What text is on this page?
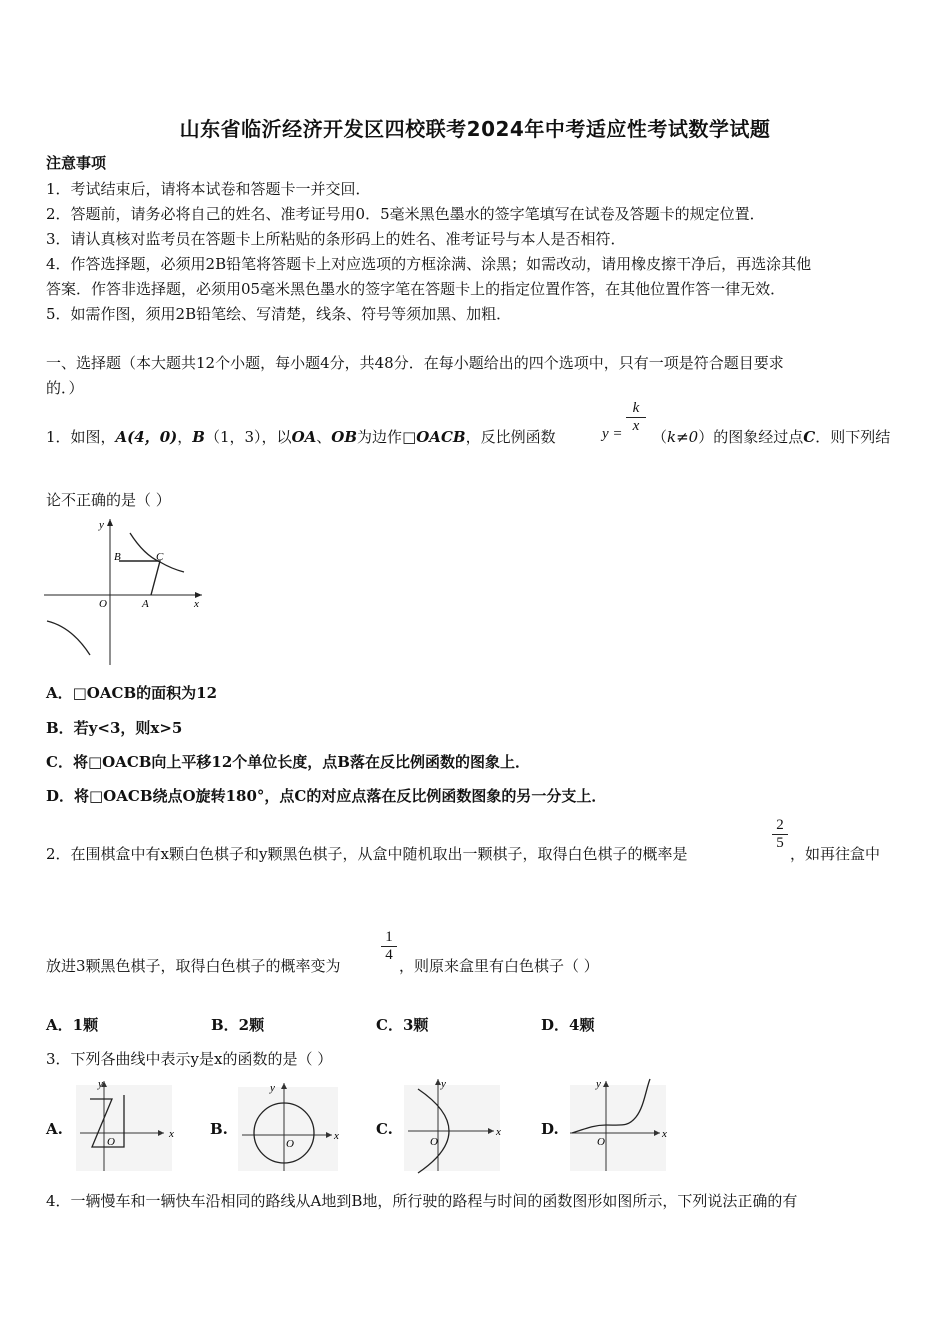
山东省临沂经济开发区四校联考2024年中考适应性考试数学试题
注意事项
1．考试结束后，请将本试卷和答题卡一并交回．
2．答题前，请务必将自己的姓名、准考证号用0．5毫米黑色墨水的签字笔填写在试卷及答题卡的规定位置．
3．请认真核对监考员在答题卡上所粘贴的条形码上的姓名、准考证号与本人是否相符．
4．作答选择题，必须用2B铅笔将答题卡上对应选项的方框涂满、涂黑；如需改动，请用橡皮擦干净后，再选涂其他
答案．作答非选择题，必须用05毫米黑色墨水的签字笔在答题卡上的指定位置作答，在其他位置作答一律无效．
5．如需作图，须用2B铅笔绘、写清楚，线条、符号等须加黑、加粗．
一、选择题（本大题共12个小题，每小题4分，共48分．在每小题给出的四个选项中，只有一项是符合题目要求
的．）
1．如图，A(4，0)，B（1，3），以OA、OB为边作□OACB，反比例函数	$y = \frac{k}{x}$
（k≠0）的图象经过点C．则下列结
论不正确的是（ ）
y
x
O	A
B	C
A．□OACB的面积为12
B．若y<3，则x>5
C．将□OACB向上平移12个单位长度，点B落在反比例函数的图象上．
D．将□OACB绕点O旋转180°，点C的对应点落在反比例函数图象的另一分支上．
2．在围棋盒中有x颗白色棋子和y颗黑色棋子，从盒中随机取出一颗棋子，取得白色棋子的概率是
$\frac{2}{5}$
，如再往盒中
放进3颗黑色棋子，取得白色棋子的概率变为
$\frac{1}{4}$
，则原来盒里有白色棋子（ ）
A．1颗	B．2颗	C．3颗	D．4颗
3．下列各曲线中表示y是x的函数的是（ ）
A.	x
y
O
B.	x
y
O
C.	x
y
O
D.	x
y
O
4．一辆慢车和一辆快车沿相同的路线从A地到B地，所行驶的路程与时间的函数图形如图所示，下列说法正确的有
